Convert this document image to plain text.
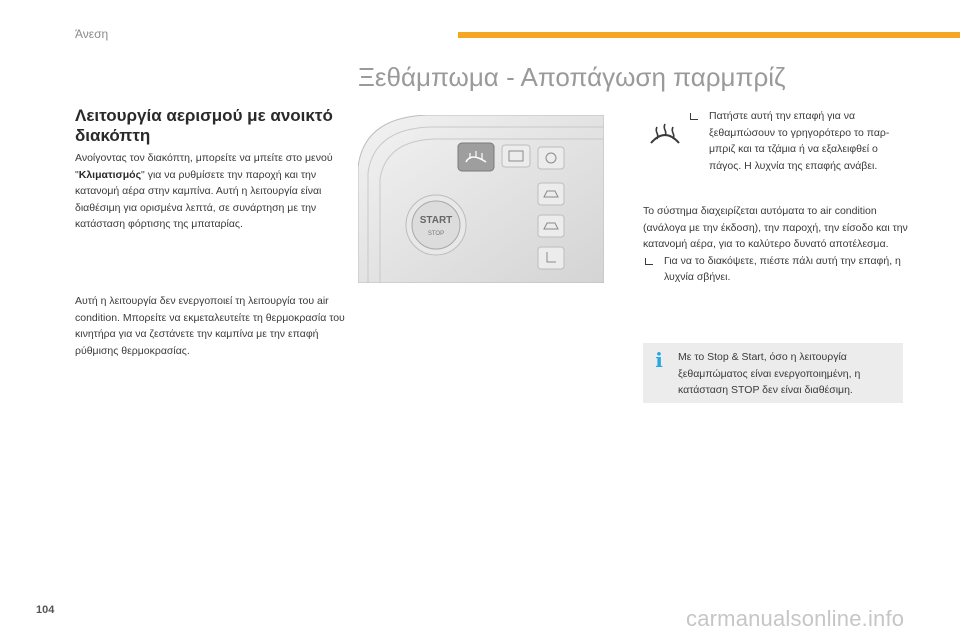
Άνεση
Ξεθάμπωμα - Αποπάγωση παρμπρίζ
Λειτουργία αερισμού με ανοικτό διακόπτη
Ανοίγοντας τον διακόπτη, μπορείτε να μπείτε στο μενού "Κλιματισμός" για να ρυθμίσετε την παροχή και την κατανομή αέρα στην καμπίνα. Αυτή η λειτουργία είναι διαθέσιμη για ορισμένα λεπτά, σε συνάρτηση με την κατάσταση φόρτισης της μπαταρίας.
Αυτή η λειτουργία δεν ενεργοποιεί τη λειτουργία του air condition. Μπορείτε να εκμεταλευτείτε τη θερμοκρασία του κινητήρα για να ζεστάνετε την καμπίνα με την επαφή ρύθμισης θερμοκρασίας.
START
STOP
Πατήστε αυτή την επαφή για να ξεθαμπώσουν το γρηγορότερο το παρ-μπριζ και τα τζάμια ή να εξαλειφθεί ο πάγος. Η λυχνία της επαφής ανάβει.
Το σύστημα διαχειρίζεται αυτόματα το air condition (ανάλογα με την έκδοση), την παροχή, την είσοδο και την κατανομή αέρα, για το καλύτερο δυνατό αποτέλεσμα.
Για να το διακόψετε, πιέστε πάλι αυτή την επαφή, η λυχνία σβήνει.
i	Με το Stop & Start, όσο η λειτουργία ξεθαμπώματος είναι ενεργοποιημένη, η κατάσταση STOP δεν είναι διαθέσιμη.
104	carmanualsonline.info
